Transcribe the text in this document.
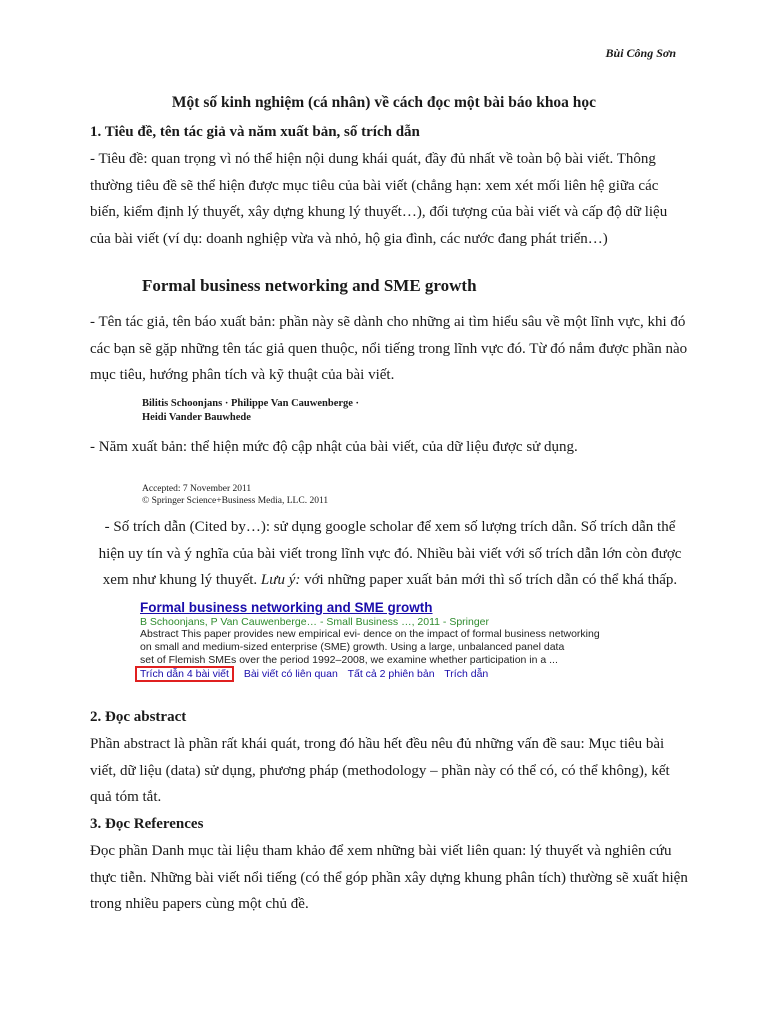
Bùi Công Sơn
Một số kinh nghiệm (cá nhân) về cách đọc một bài báo khoa học
1. Tiêu đề, tên tác giả và năm xuất bản, số trích dẫn
- Tiêu đề: quan trọng vì nó thể hiện nội dung khái quát, đầy đủ nhất về toàn bộ bài viết. Thông thường tiêu đề sẽ thể hiện được mục tiêu của bài viết (chẳng hạn: xem xét mối liên hệ giữa các biến, kiểm định lý thuyết, xây dựng khung lý thuyết…), đối tượng của bài viết và cấp độ dữ liệu của bài viết (ví dụ: doanh nghiệp vừa và nhỏ, hộ gia đình, các nước đang phát triển…)
Formal business networking and SME growth
- Tên tác giả, tên báo xuất bản: phần này sẽ dành cho những ai tìm hiểu sâu về một lĩnh vực, khi đó các bạn sẽ gặp những tên tác giả quen thuộc, nổi tiếng trong lĩnh vực đó. Từ đó nắm được phần nào mục tiêu, hướng phân tích và kỹ thuật của bài viết.
Bilitis Schoonjans · Philippe Van Cauwenberge ·
Heidi Vander Bauwhede
- Năm xuất bản: thể hiện mức độ cập nhật của bài viết, của dữ liệu được sử dụng.
Accepted: 7 November 2011
© Springer Science+Business Media, LLC. 2011
- Số trích dẫn (Cited by…): sử dụng google scholar để xem số lượng trích dẫn. Số trích dẫn thể hiện uy tín và ý nghĩa của bài viết trong lĩnh vực đó. Nhiều bài viết với số trích dẫn lớn còn được xem như khung lý thuyết. Lưu ý: với những paper xuất bản mới thì số trích dẫn có thể khá thấp.
Formal business networking and SME growth
B Schoonjans, P Van Cauwenberge… - Small Business …, 2011 - Springer
Abstract This paper provides new empirical evi- dence on the impact of formal business networking
on small and medium-sized enterprise (SME) growth. Using a large, unbalanced panel data
set of Flemish SMEs over the period 1992–2008, we examine whether participation in a ...
Trích dẫn 4 bài viết Bài viết có liên quan Tất cả 2 phiên bản Trích dẫn
2. Đọc abstract
Phần abstract là phần rất khái quát, trong đó hầu hết đều nêu đủ những vấn đề sau: Mục tiêu bài viết, dữ liệu (data) sử dụng, phương pháp (methodology – phần này có thể có, có thể không), kết quả tóm tắt.
3. Đọc References
Đọc phần Danh mục tài liệu tham khảo để xem những bài viết liên quan: lý thuyết và nghiên cứu thực tiễn. Những bài viết nổi tiếng (có thể góp phần xây dựng khung phân tích) thường sẽ xuất hiện trong nhiều papers cùng một chủ đề.
